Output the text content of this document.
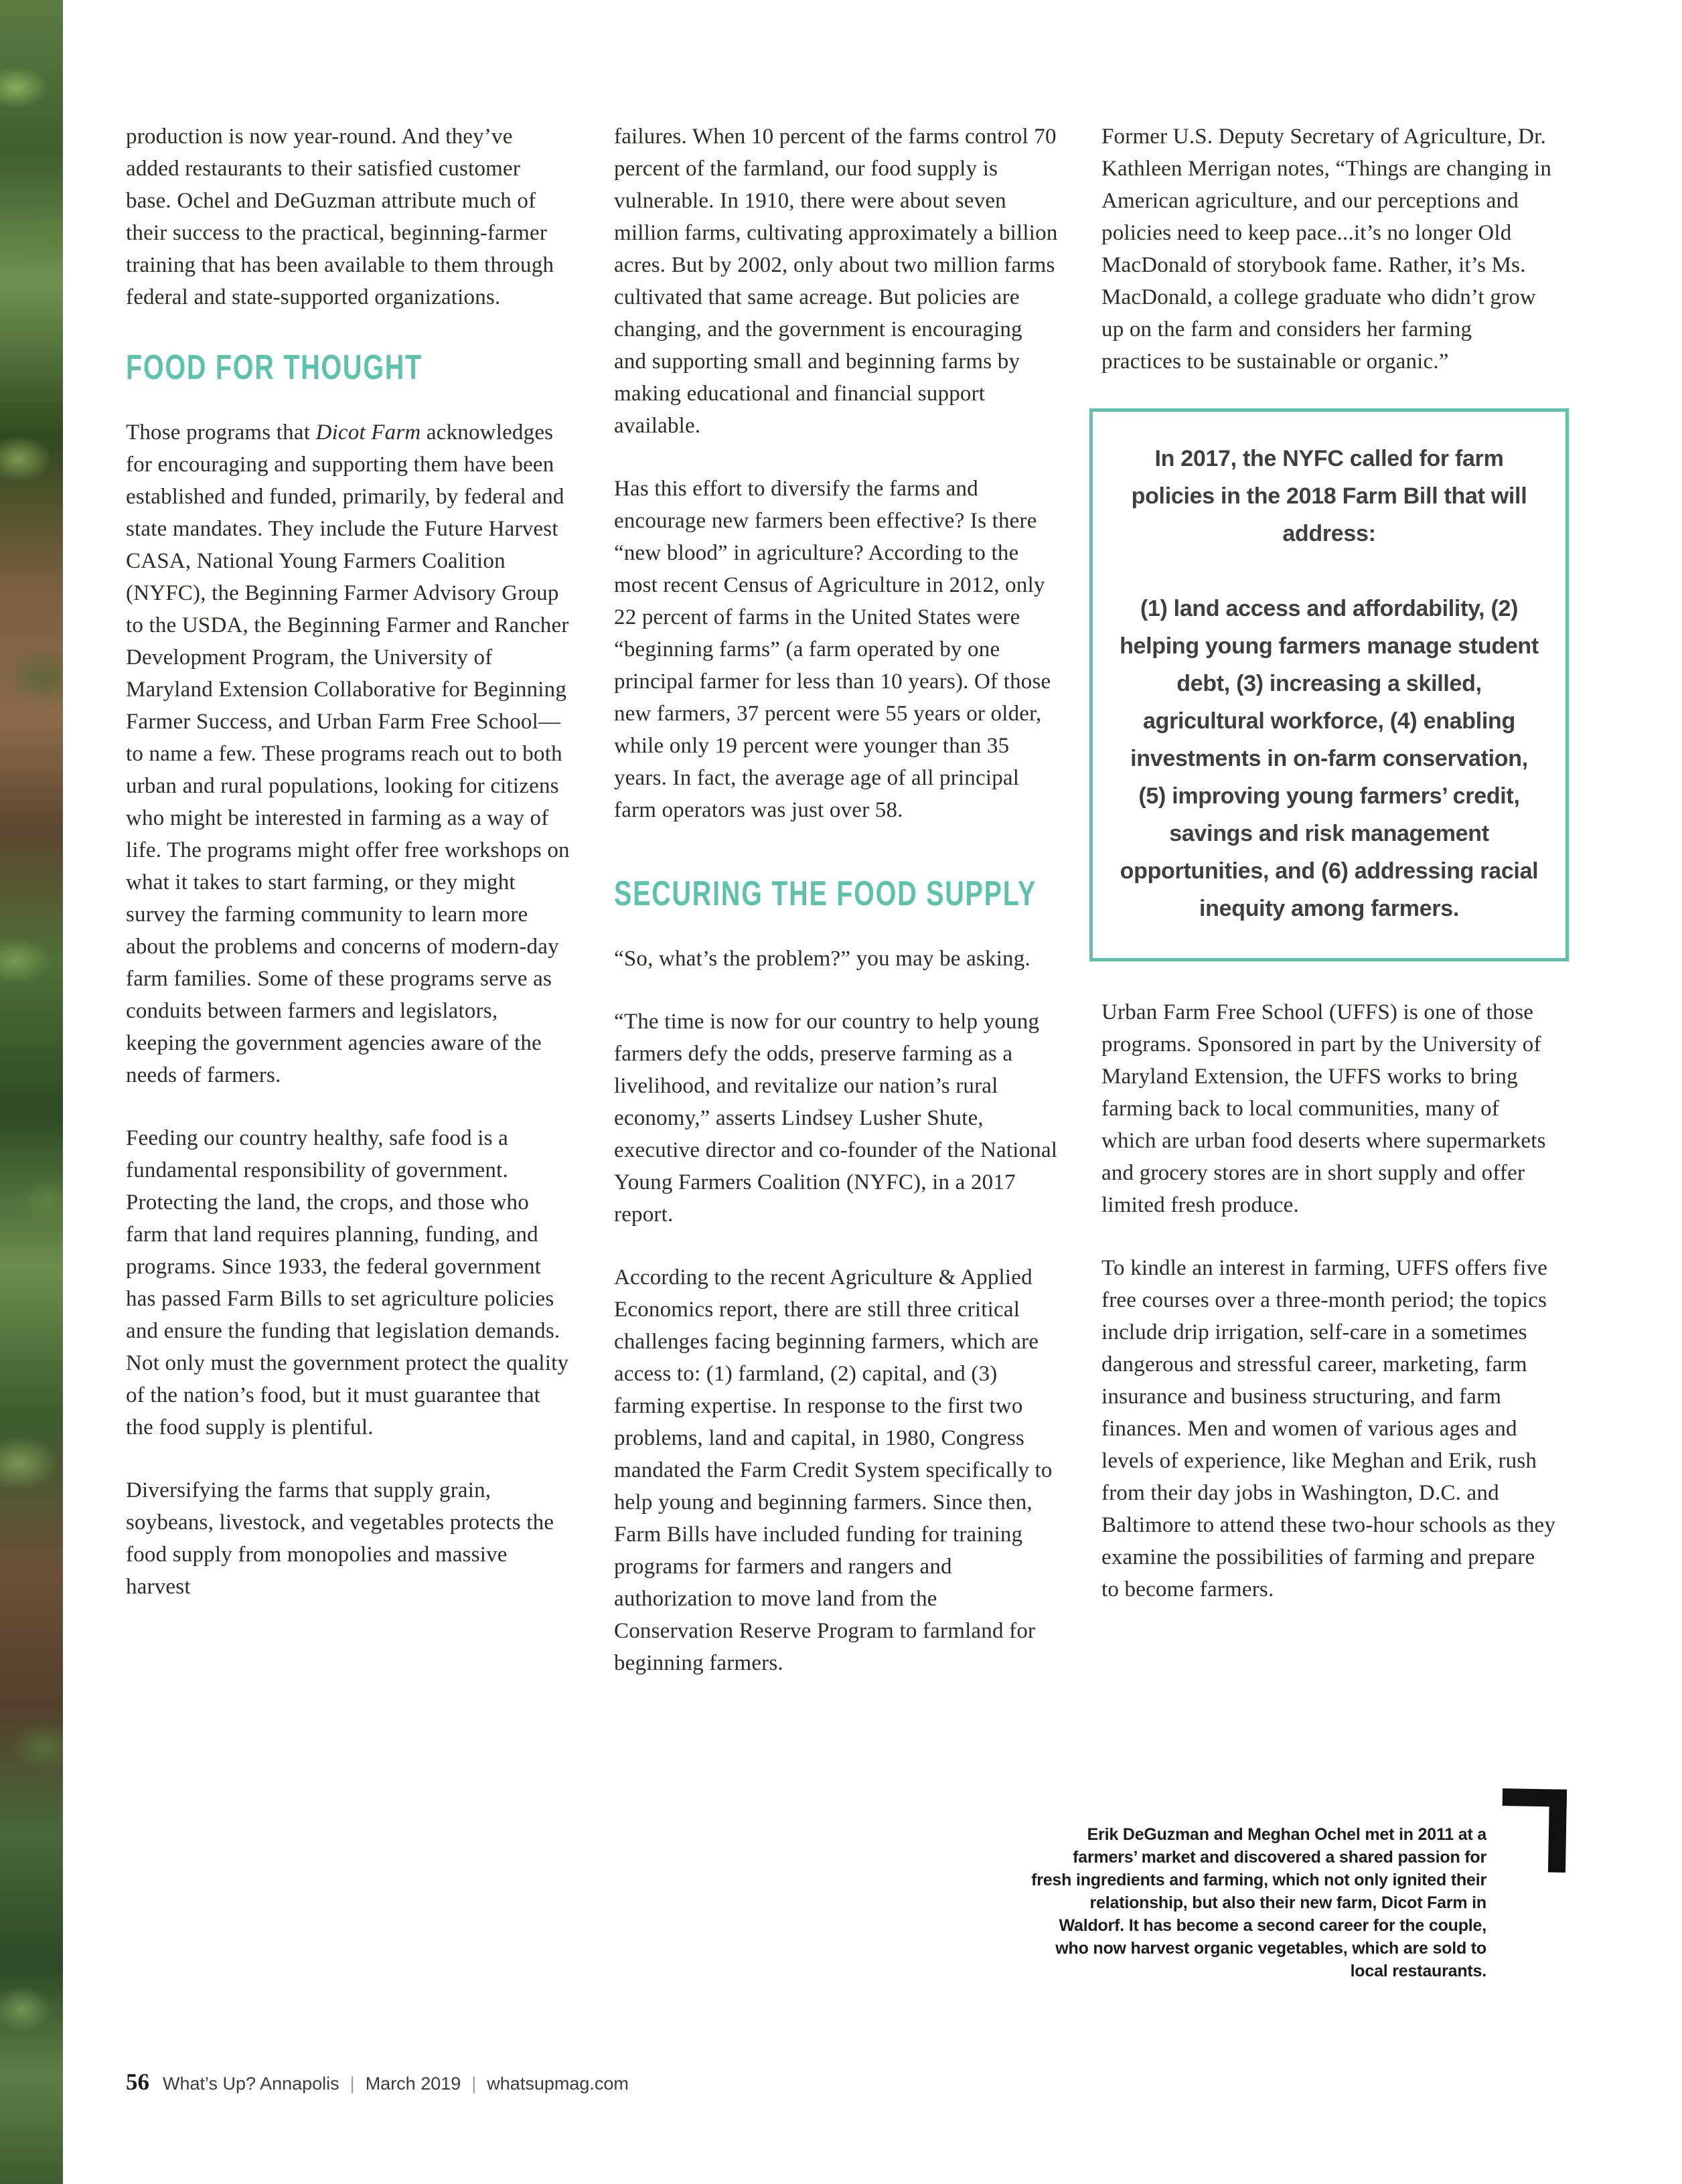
production is now year-round. And they’ve added restaurants to their satisfied customer base. Ochel and DeGuzman attribute much of their success to the practical, beginning-farmer training that has been available to them through federal and state-supported organizations.

FOOD FOR THOUGHT

Those programs that Dicot Farm acknowledges for encouraging and supporting them have been established and funded, primarily, by federal and state mandates. They include the Future Harvest CASA, National Young Farmers Coalition (NYFC), the Beginning Farmer Advisory Group to the USDA, the Beginning Farmer and Rancher Development Program, the University of Maryland Extension Collaborative for Beginning Farmer Success, and Urban Farm Free School—to name a few. These programs reach out to both urban and rural populations, looking for citizens who might be interested in farming as a way of life. The programs might offer free workshops on what it takes to start farming, or they might survey the farming community to learn more about the problems and concerns of modern-day farm families. Some of these programs serve as conduits between farmers and legislators, keeping the government agencies aware of the needs of farmers.

Feeding our country healthy, safe food is a fundamental responsibility of government. Protecting the land, the crops, and those who farm that land requires planning, funding, and programs. Since 1933, the federal government has passed Farm Bills to set agriculture policies and ensure the funding that legislation demands. Not only must the government protect the quality of the nation’s food, but it must guarantee that the food supply is plentiful.

Diversifying the farms that supply grain, soybeans, livestock, and vegetables protects the food supply from monopolies and massive harvest

failures. When 10 percent of the farms control 70 percent of the farmland, our food supply is vulnerable. In 1910, there were about seven million farms, cultivating approximately a billion acres. But by 2002, only about two million farms cultivated that same acreage. But policies are changing, and the government is encouraging and supporting small and beginning farms by making educational and financial support available.

Has this effort to diversify the farms and encourage new farmers been effective? Is there “new blood” in agriculture? According to the most recent Census of Agriculture in 2012, only 22 percent of farms in the United States were “beginning farms” (a farm operated by one principal farmer for less than 10 years). Of those new farmers, 37 percent were 55 years or older, while only 19 percent were younger than 35 years. In fact, the average age of all principal farm operators was just over 58.

SECURING THE FOOD SUPPLY

“So, what’s the problem?” you may be asking.

“The time is now for our country to help young farmers defy the odds, preserve farming as a livelihood, and revitalize our nation’s rural economy,” asserts Lindsey Lusher Shute, executive director and co-founder of the National Young Farmers Coalition (NYFC), in a 2017 report.

According to the recent Agriculture & Applied Economics report, there are still three critical challenges facing beginning farmers, which are access to: (1) farmland, (2) capital, and (3) farming expertise. In response to the first two problems, land and capital, in 1980, Congress mandated the Farm Credit System specifically to help young and beginning farmers. Since then, Farm Bills have included funding for training programs for farmers and rangers and authorization to move land from the Conservation Reserve Program to farmland for beginning farmers.

Former U.S. Deputy Secretary of Agriculture, Dr. Kathleen Merrigan notes, “Things are changing in American agriculture, and our perceptions and policies need to keep pace...it’s no longer Old MacDonald of storybook fame. Rather, it’s Ms. MacDonald, a college graduate who didn’t grow up on the farm and considers her farming practices to be sustainable or organic.”

In 2017, the NYFC called for farm policies in the 2018 Farm Bill that will address:

(1) land access and affordability, (2) helping young farmers manage student debt, (3) increasing a skilled, agricultural workforce, (4) enabling investments in on-farm conservation, (5) improving young farmers’ credit, savings and risk management opportunities, and (6) addressing racial inequity among farmers.

Urban Farm Free School (UFFS) is one of those programs. Sponsored in part by the University of Maryland Extension, the UFFS works to bring farming back to local communities, many of which are urban food deserts where supermarkets and grocery stores are in short supply and offer limited fresh produce.

To kindle an interest in farming, UFFS offers five free courses over a three-month period; the topics include drip irrigation, self-care in a sometimes dangerous and stressful career, marketing, farm insurance and business structuring, and farm finances. Men and women of various ages and levels of experience, like Meghan and Erik, rush from their day jobs in Washington, D.C. and Baltimore to attend these two-hour schools as they examine the possibilities of farming and prepare to become farmers.

Erik DeGuzman and Meghan Ochel met in 2011 at a farmers’ market and discovered a shared passion for fresh ingredients and farming, which not only ignited their relationship, but also their new farm, Dicot Farm in Waldorf. It has become a second career for the couple, who now harvest organic vegetables, which are sold to local restaurants.

56 What’s Up? Annapolis | March 2019 | whatsupmag.com
